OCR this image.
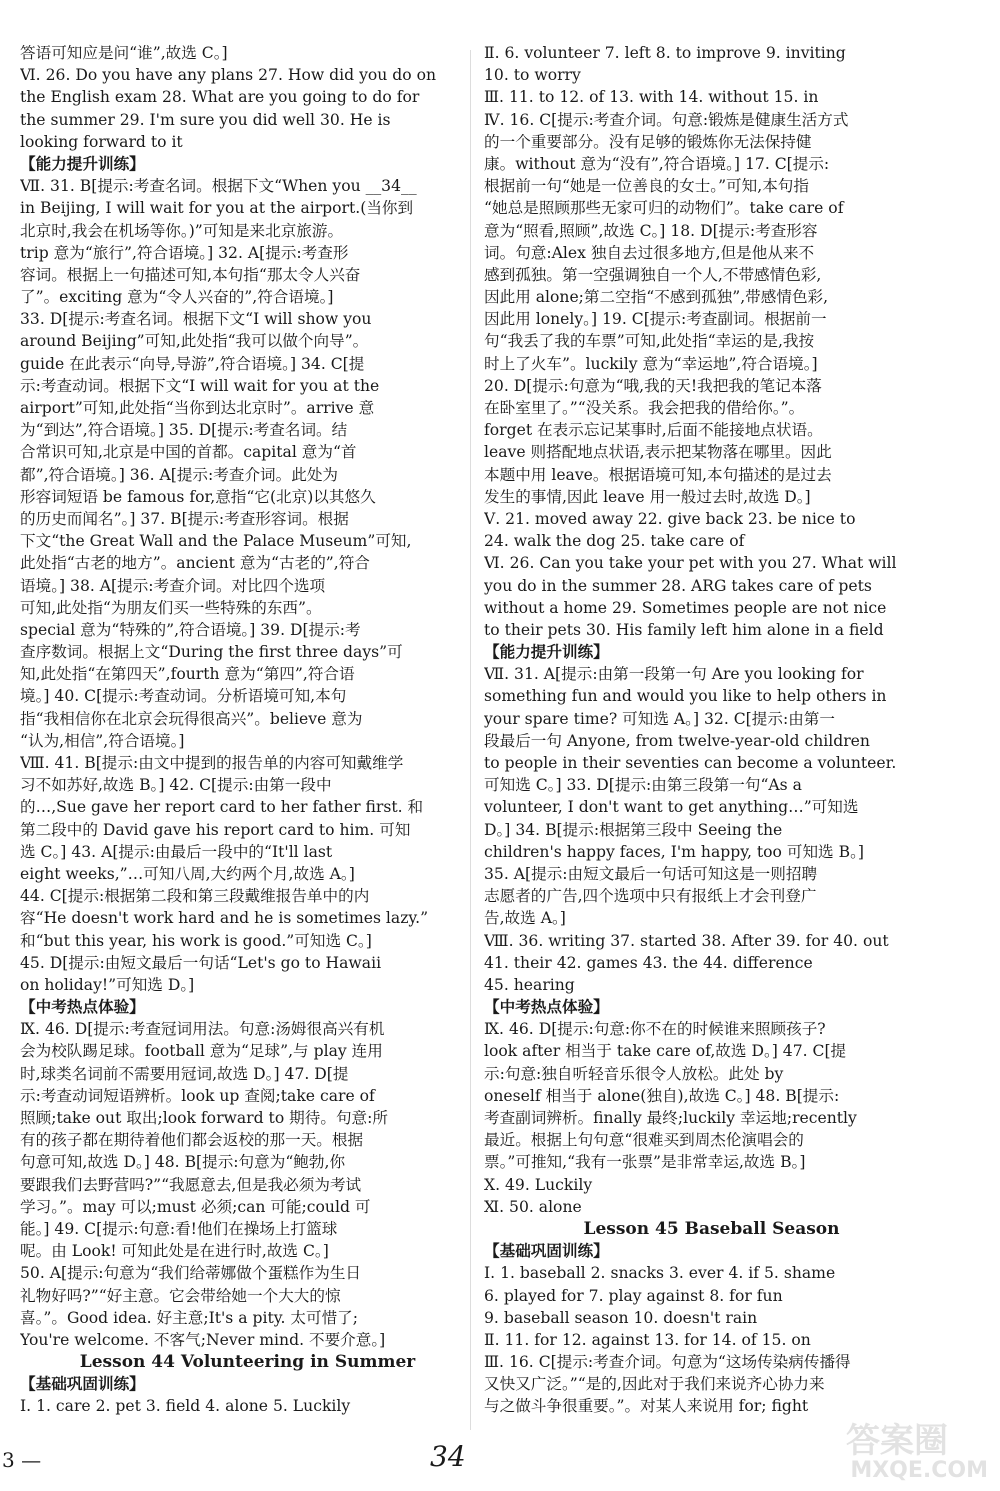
答语可知应是问“谁”,故选 C。]
Ⅵ. 26. Do you have any plans 27. How did you do on
the English exam 28. What are you going to do for
the summer 29. I'm sure you did well 30. He is
looking forward to it
【能力提升训练】
Ⅶ. 31. B[提示:考查名词。根据下文“When you __34__
in Beijing, I will wait for you at the airport.(当你到
北京时,我会在机场等你。)”可知是来北京旅游。
trip 意为“旅行”,符合语境。] 32. A[提示:考查形
容词。根据上一句描述可知,本句指“那太令人兴奋
了”。exciting 意为“令人兴奋的”,符合语境。]
33. D[提示:考查名词。根据下文“I will show you
around Beijing”可知,此处指“我可以做个向导”。
guide 在此表示“向导,导游”,符合语境。] 34. C[提
示:考查动词。根据下文“I will wait for you at the
airport”可知,此处指“当你到达北京时”。arrive 意
为“到达”,符合语境。] 35. D[提示:考查名词。结
合常识可知,北京是中国的首都。capital 意为“首
都”,符合语境。] 36. A[提示:考查介词。此处为
形容词短语 be famous for,意指“它(北京)以其悠久
的历史而闻名”。] 37. B[提示:考查形容词。根据
下文“the Great Wall and the Palace Museum”可知,
此处指“古老的地方”。ancient 意为“古老的”,符合
语境。] 38. A[提示:考查介词。对比四个选项
可知,此处指“为朋友们买一些特殊的东西”。
special 意为“特殊的”,符合语境。] 39. D[提示:考
查序数词。根据上文“During the first three days”可
知,此处指“在第四天”,fourth 意为“第四”,符合语
境。] 40. C[提示:考查动词。分析语境可知,本句
指“我相信你在北京会玩得很高兴”。believe 意为
“认为,相信”,符合语境。]
Ⅷ. 41. B[提示:由文中提到的报告单的内容可知戴维学
习不如苏好,故选 B。] 42. C[提示:由第一段中
的…,Sue gave her report card to her father first. 和
第二段中的 David gave his report card to him. 可知
选 C。] 43. A[提示:由最后一段中的“It'll last
eight weeks,”…可知八周,大约两个月,故选 A。]
44. C[提示:根据第二段和第三段戴维报告单中的内
容“He doesn't work hard and he is sometimes lazy.”
和“but this year, his work is good.”可知选 C。]
45. D[提示:由短文最后一句话“Let's go to Hawaii
on holiday!”可知选 D。]
【中考热点体验】
Ⅸ. 46. D[提示:考查冠词用法。句意:汤姆很高兴有机
会为校队踢足球。football 意为“足球”,与 play 连用
时,球类名词前不需要用冠词,故选 D。] 47. D[提
示:考查动词短语辨析。look up 查阅;take care of
照顾;take out 取出;look forward to 期待。句意:所
有的孩子都在期待着他们都会返校的那一天。根据
句意可知,故选 D。] 48. B[提示:句意为“鲍勃,你
要跟我们去野营吗?”“我愿意去,但是我必须为考试
学习。”。may 可以;must 必须;can 可能;could 可
能。] 49. C[提示:句意:看!他们在操场上打篮球
呢。由 Look! 可知此处是在进行时,故选 C。]
50. A[提示:句意为“我们给蒂娜做个蛋糕作为生日
礼物好吗?”“好主意。它会带给她一个大大的惊
喜。”。Good idea. 好主意;It's a pity. 太可惜了;
You're welcome. 不客气;Never mind. 不要介意。]
Lesson 44 Volunteering in Summer
【基础巩固训练】
Ⅰ. 1. care 2. pet 3. field 4. alone 5. Luckily
Ⅱ. 6. volunteer 7. left 8. to improve 9. inviting
10. to worry
Ⅲ. 11. to 12. of 13. with 14. without 15. in
Ⅳ. 16. C[提示:考查介词。句意:锻炼是健康生活方式
的一个重要部分。没有足够的锻炼你无法保持健
康。without 意为“没有”,符合语境。] 17. C[提示:
根据前一句“她是一位善良的女士。”可知,本句指
“她总是照顾那些无家可归的动物们”。take care of
意为“照看,照顾”,故选 C。] 18. D[提示:考查形容
词。句意:Alex 独自去过很多地方,但是他从来不
感到孤独。第一空强调独自一个人,不带感情色彩,
因此用 alone;第二空指“不感到孤独”,带感情色彩,
因此用 lonely。] 19. C[提示:考查副词。根据前一
句“我丢了我的车票”可知,此处指“幸运的是,我按
时上了火车”。luckily 意为“幸运地”,符合语境。]
20. D[提示:句意为“哦,我的天!我把我的笔记本落
在卧室里了。”“没关系。我会把我的借给你。”。
forget 在表示忘记某事时,后面不能接地点状语。
leave 则搭配地点状语,表示把某物落在哪里。因此
本题中用 leave。根据语境可知,本句描述的是过去
发生的事情,因此 leave 用一般过去时,故选 D。]
Ⅴ. 21. moved away 22. give back 23. be nice to
24. walk the dog 25. take care of
Ⅵ. 26. Can you take your pet with you 27. What will
you do in the summer 28. ARG takes care of pets
without a home 29. Sometimes people are not nice
to their pets 30. His family left him alone in a field
【能力提升训练】
Ⅶ. 31. A[提示:由第一段第一句 Are you looking for
something fun and would you like to help others in
your spare time? 可知选 A。] 32. C[提示:由第一
段最后一句 Anyone, from twelve-year-old children
to people in their seventies can become a volunteer.
可知选 C。] 33. D[提示:由第三段第一句“As a
volunteer, I don't want to get anything…”可知选
D。] 34. B[提示:根据第三段中 Seeing the
children's happy faces, I'm happy, too 可知选 B。]
35. A[提示:由短文最后一句话可知这是一则招聘
志愿者的广告,四个选项中只有报纸上才会刊登广
告,故选 A。]
Ⅷ. 36. writing 37. started 38. After 39. for 40. out
41. their 42. games 43. the 44. difference
45. hearing
【中考热点体验】
Ⅸ. 46. D[提示:句意:你不在的时候谁来照顾孩子?
look after 相当于 take care of,故选 D。] 47. C[提
示:句意:独自听轻音乐很令人放松。此处 by
oneself 相当于 alone(独自),故选 C。] 48. B[提示:
考查副词辨析。finally 最终;luckily 幸运地;recently
最近。根据上句句意“很难买到周杰伦演唱会的
票。”可推知,“我有一张票”是非常幸运,故选 B。]
Ⅹ. 49. Luckily
Ⅺ. 50. alone
Lesson 45 Baseball Season
【基础巩固训练】
Ⅰ. 1. baseball 2. snacks 3. ever 4. if 5. shame
6. played for 7. play against 8. for fun
9. baseball season 10. doesn't rain
Ⅱ. 11. for 12. against 13. for 14. of 15. on
Ⅲ. 16. C[提示:考查介词。句意为“这场传染病传播得
又快又广泛。”“是的,因此对于我们来说齐心协力来
与之做斗争很重要。”。对某人来说用 for; fight
3 —	34	答案圈
MXQE.COM
